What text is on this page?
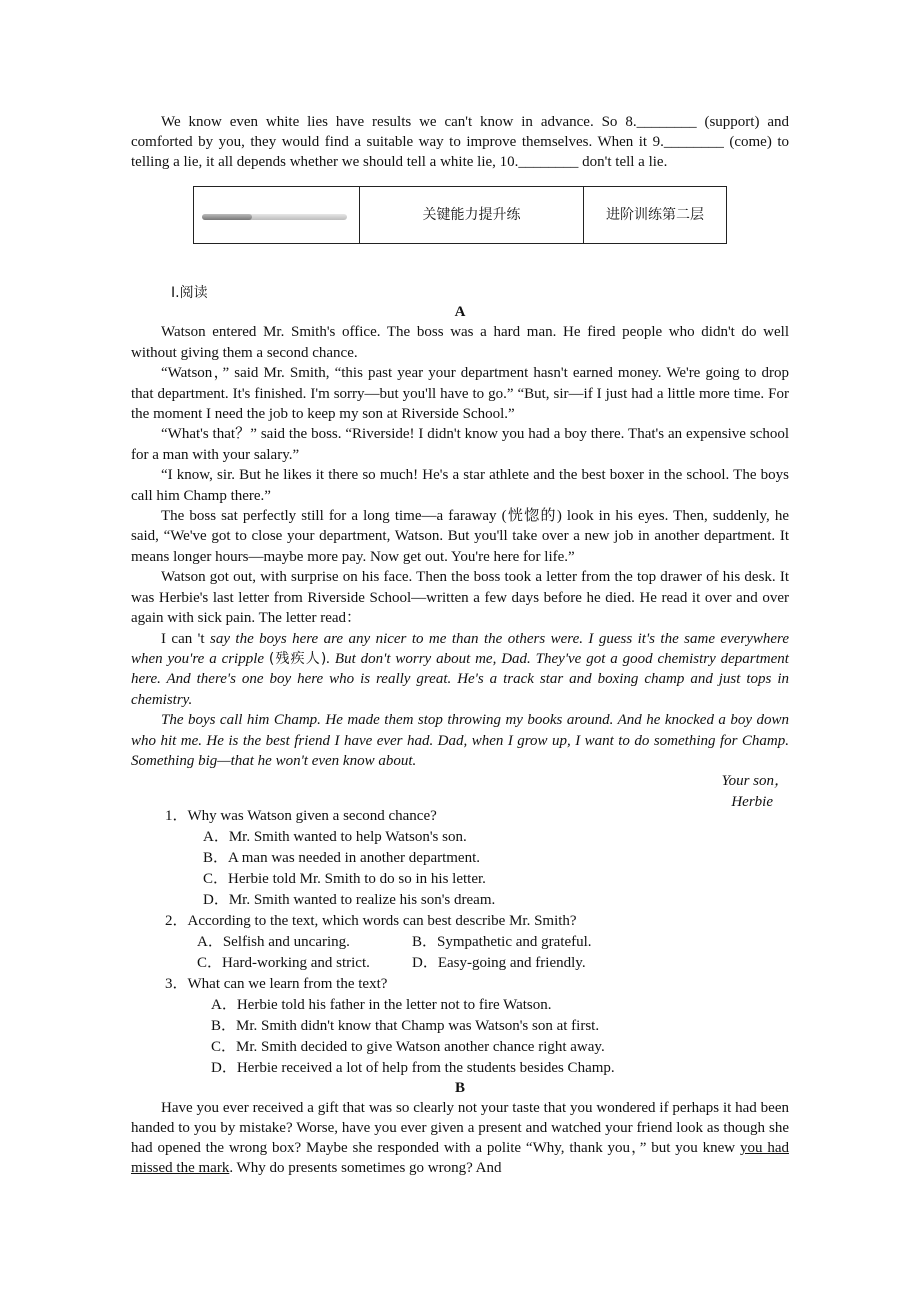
We know even white lies have results we can't know in advance. So 8.________ (support) and comforted by you, they would find a suitable way to improve themselves. When it 9.________ (come) to telling a lie, it all depends whether we should tell a white lie, 10.________ don't tell a lie.

关键能力提升练	进阶训练第二层

Ⅰ.阅读

A

Watson entered Mr. Smith's office. The boss was a hard man. He fired people who didn't do well without giving them a second chance.

“Watson，” said Mr. Smith, “this past year your department hasn't earned money. We're going to drop that department. It's finished. I'm sorry—but you'll have to go.” “But, sir—if I just had a little more time. For the moment I need the job to keep my son at Riverside School.”

“What's that？” said the boss. “Riverside! I didn't know you had a boy there. That's an expensive school for a man with your salary.”

“I know, sir. But he likes it there so much! He's a star athlete and the best boxer in the school. The boys call him Champ there.”

The boss sat perfectly still for a long time—a faraway (恍惚的) look in his eyes. Then, suddenly, he said, “We've got to close your department, Watson. But you'll take over a new job in another department. It means longer hours—maybe more pay. Now get out. You're here for life.”

Watson got out, with surprise on his face. Then the boss took a letter from the top drawer of his desk. It was Herbie's last letter from Riverside School—written a few days before he died. He read it over and over again with sick pain. The letter read：

I can 't say the boys here are any nicer to me than the others were. I guess it's the same everywhere when you're a cripple (残疾人). But don't worry about me, Dad. They've got a good chemistry department here. And there's one boy here who is really great. He's a track star and boxing champ and just tops in chemistry.

The boys call him Champ. He made them stop throwing my books around. And he knocked a boy down who hit me. He is the best friend I have ever had. Dad, when I grow up, I want to do something for Champ. Something big—that he won't even know about.

Your son，

Herbie

1．Why was Watson given a second chance?

A．Mr. Smith wanted to help Watson's son.

B．A man was needed in another department.

C．Herbie told Mr. Smith to do so in his letter.

D．Mr. Smith wanted to realize his son's dream.

2．According to the text, which words can best describe Mr. Smith?

A．Selfish and uncaring.	B．Sympathetic and grateful.

C．Hard-working and strict.	D．Easy-going and friendly.

3．What can we learn from the text?

A．Herbie told his father in the letter not to fire Watson.

B．Mr. Smith didn't know that Champ was Watson's son at first.

C．Mr. Smith decided to give Watson another chance right away.

D．Herbie received a lot of help from the students besides Champ.

B

Have you ever received a gift that was so clearly not your taste that you wondered if perhaps it had been handed to you by mistake? Worse, have you ever given a present and watched your friend look as though she had opened the wrong box? Maybe she responded with a polite “Why, thank you，” but you knew you had missed the mark. Why do presents sometimes go wrong? And
